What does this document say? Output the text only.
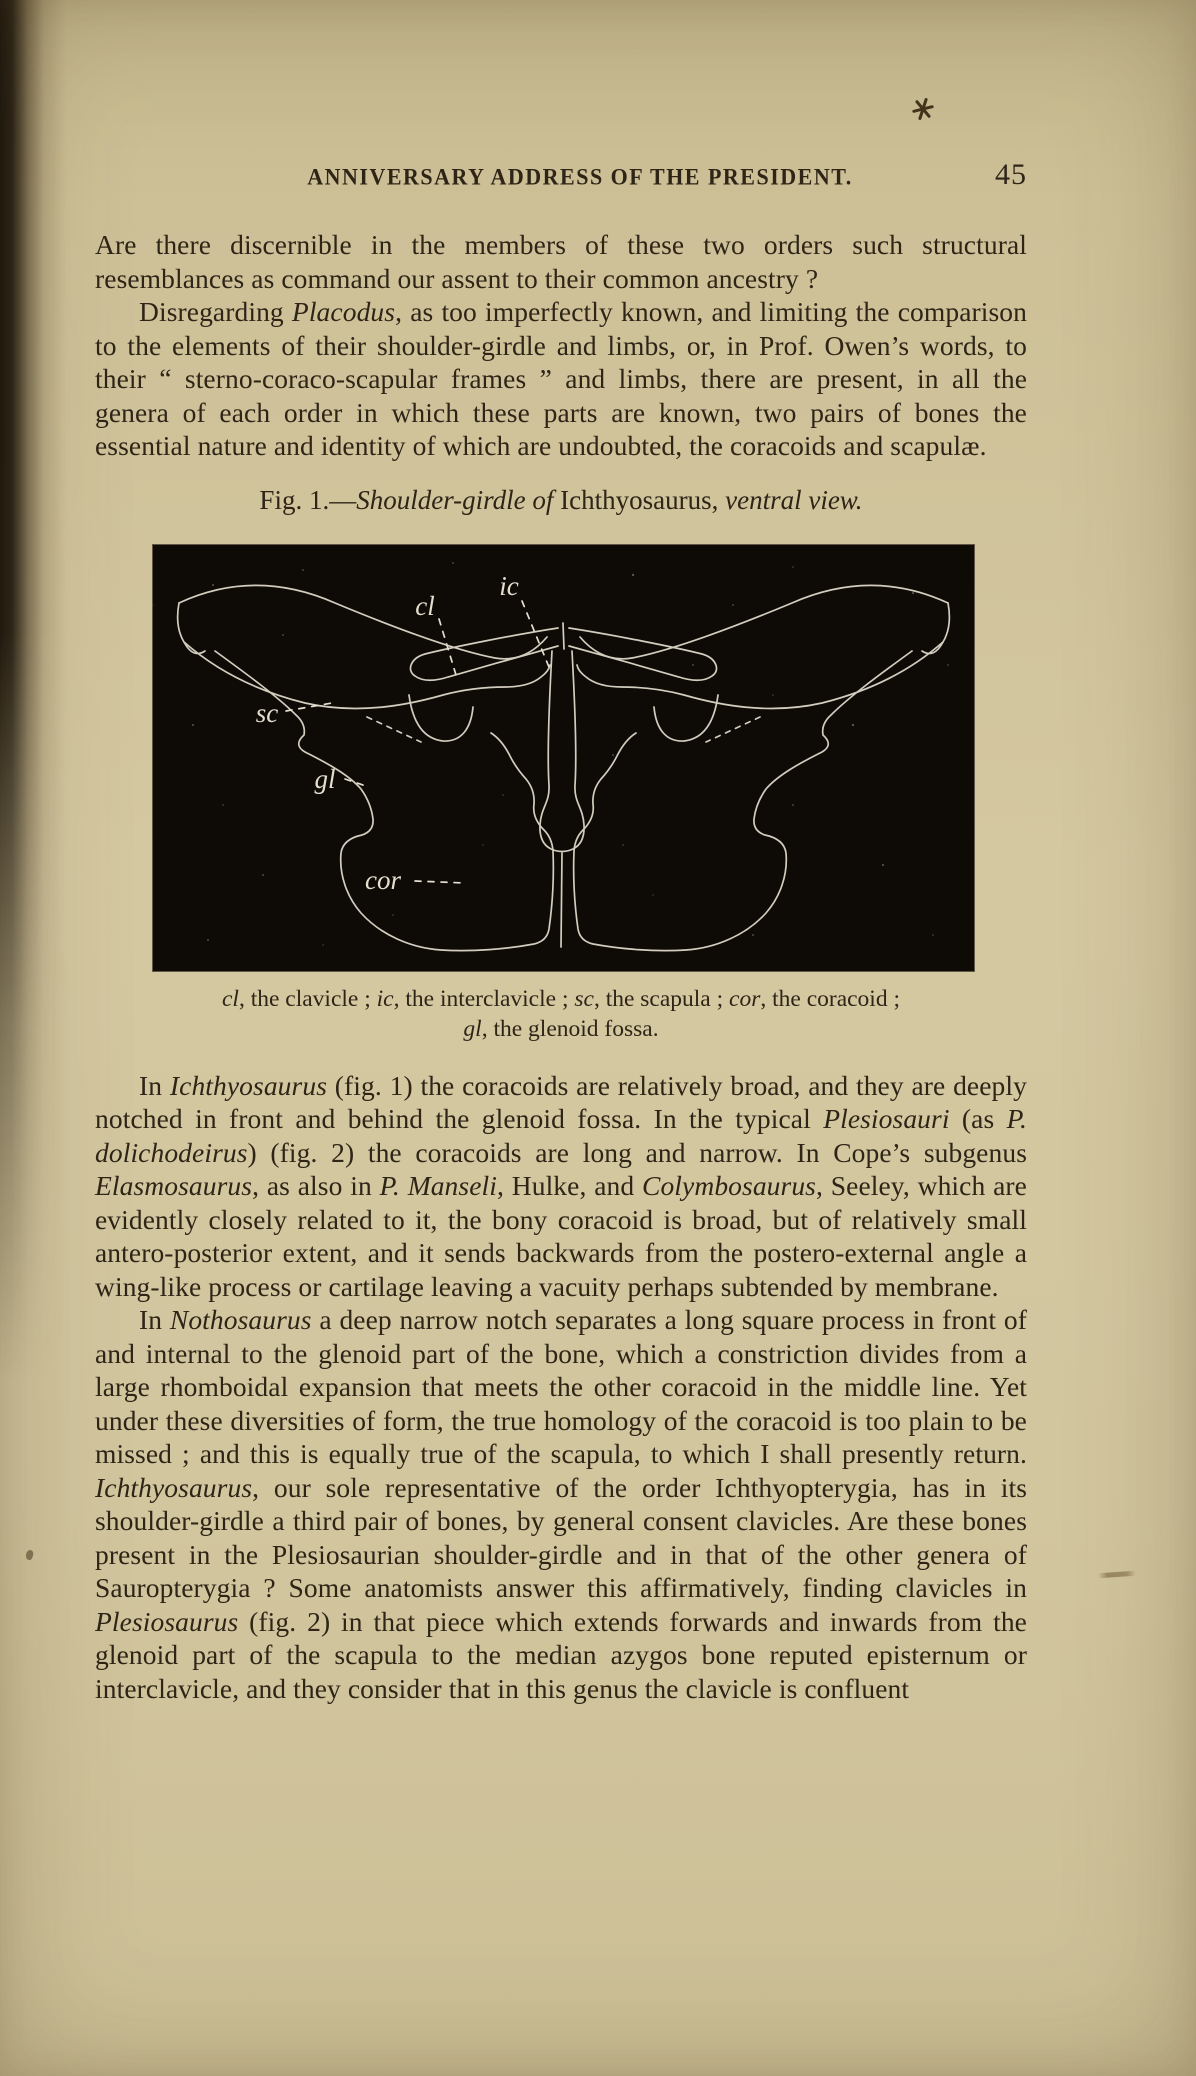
ANNIVERSARY ADDRESS OF THE PRESIDENT.	45

Are there discernible in the members of these two orders such structural resemblances as command our assent to their common ancestry ?

Disregarding Placodus, as too imperfectly known, and limiting the comparison to the elements of their shoulder-girdle and limbs, or, in Prof. Owen’s words, to their “ sterno-coraco-scapular frames ” and limbs, there are present, in all the genera of each order in which these parts are known, two pairs of bones the essential nature and identity of which are undoubted, the coracoids and scapulæ.

Fig. 1.—Shoulder-girdle of Ichthyosaurus, ventral view.

cl
ic
sc
gl
cor
cl, the clavicle ; ic, the interclavicle ; sc, the scapula ; cor, the coracoid ;
gl, the glenoid fossa.

In Ichthyosaurus (fig. 1) the coracoids are relatively broad, and they are deeply notched in front and behind the glenoid fossa. In the typical Plesiosauri (as P. dolichodeirus) (fig. 2) the coracoids are long and narrow. In Cope’s subgenus Elasmosaurus, as also in P. Manseli, Hulke, and Colymbosaurus, Seeley, which are evidently closely related to it, the bony coracoid is broad, but of relatively small antero-posterior extent, and it sends backwards from the postero-external angle a wing-like process or cartilage leaving a vacuity perhaps subtended by membrane.

In Nothosaurus a deep narrow notch separates a long square process in front of and internal to the glenoid part of the bone, which a constriction divides from a large rhomboidal expansion that meets the other coracoid in the middle line. Yet under these diversities of form, the true homology of the coracoid is too plain to be missed ; and this is equally true of the scapula, to which I shall presently return. Ichthyosaurus, our sole representative of the order Ichthyopterygia, has in its shoulder-girdle a third pair of bones, by general consent clavicles. Are these bones present in the Plesiosaurian shoulder-girdle and in that of the other genera of Sauropterygia ? Some anatomists answer this affirmatively, finding clavicles in Plesiosaurus (fig. 2) in that piece which extends forwards and inwards from the glenoid part of the scapula to the median azygos bone reputed episternum or interclavicle, and they consider that in this genus the clavicle is confluent
